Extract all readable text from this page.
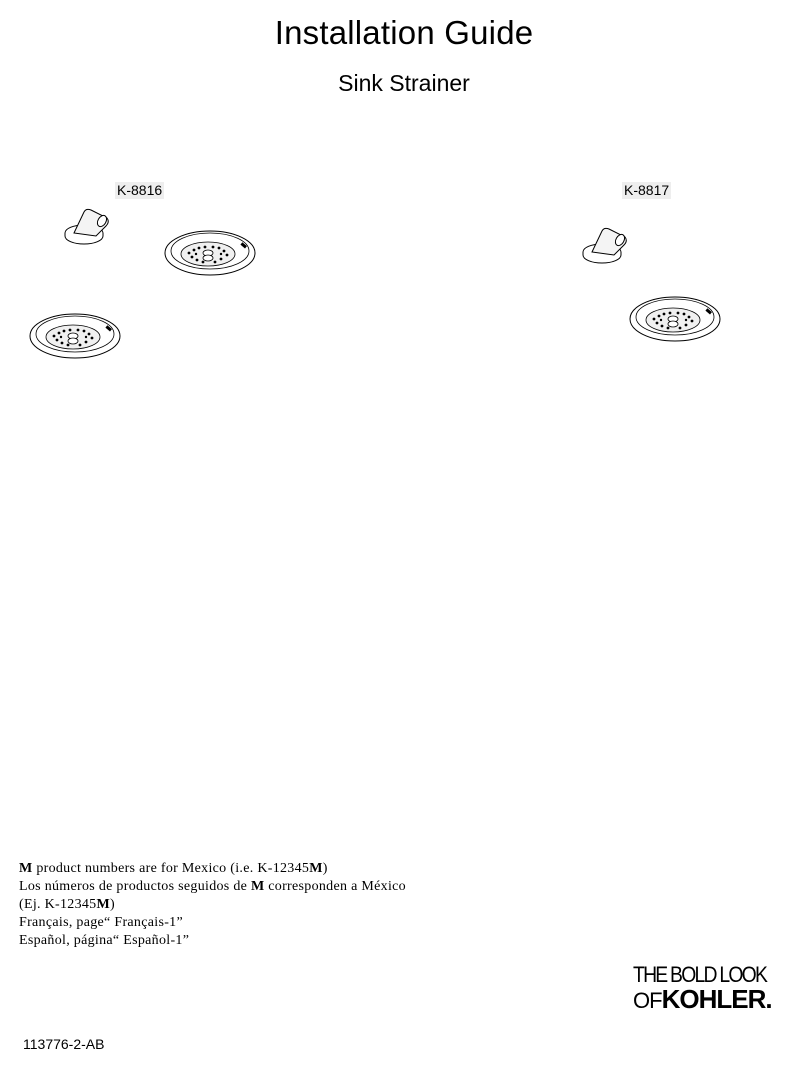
Installation Guide
Sink Strainer
K-8816	K-8817
M product numbers are for Mexico (i.e. K-12345M)
Los números de productos seguidos de M corresponden a México
(Ej. K-12345M)
Français, page“ Français-1”
Español, página“ Español-1”
THE BOLD LOOK
OFKOHLER.
113776-2-AB
